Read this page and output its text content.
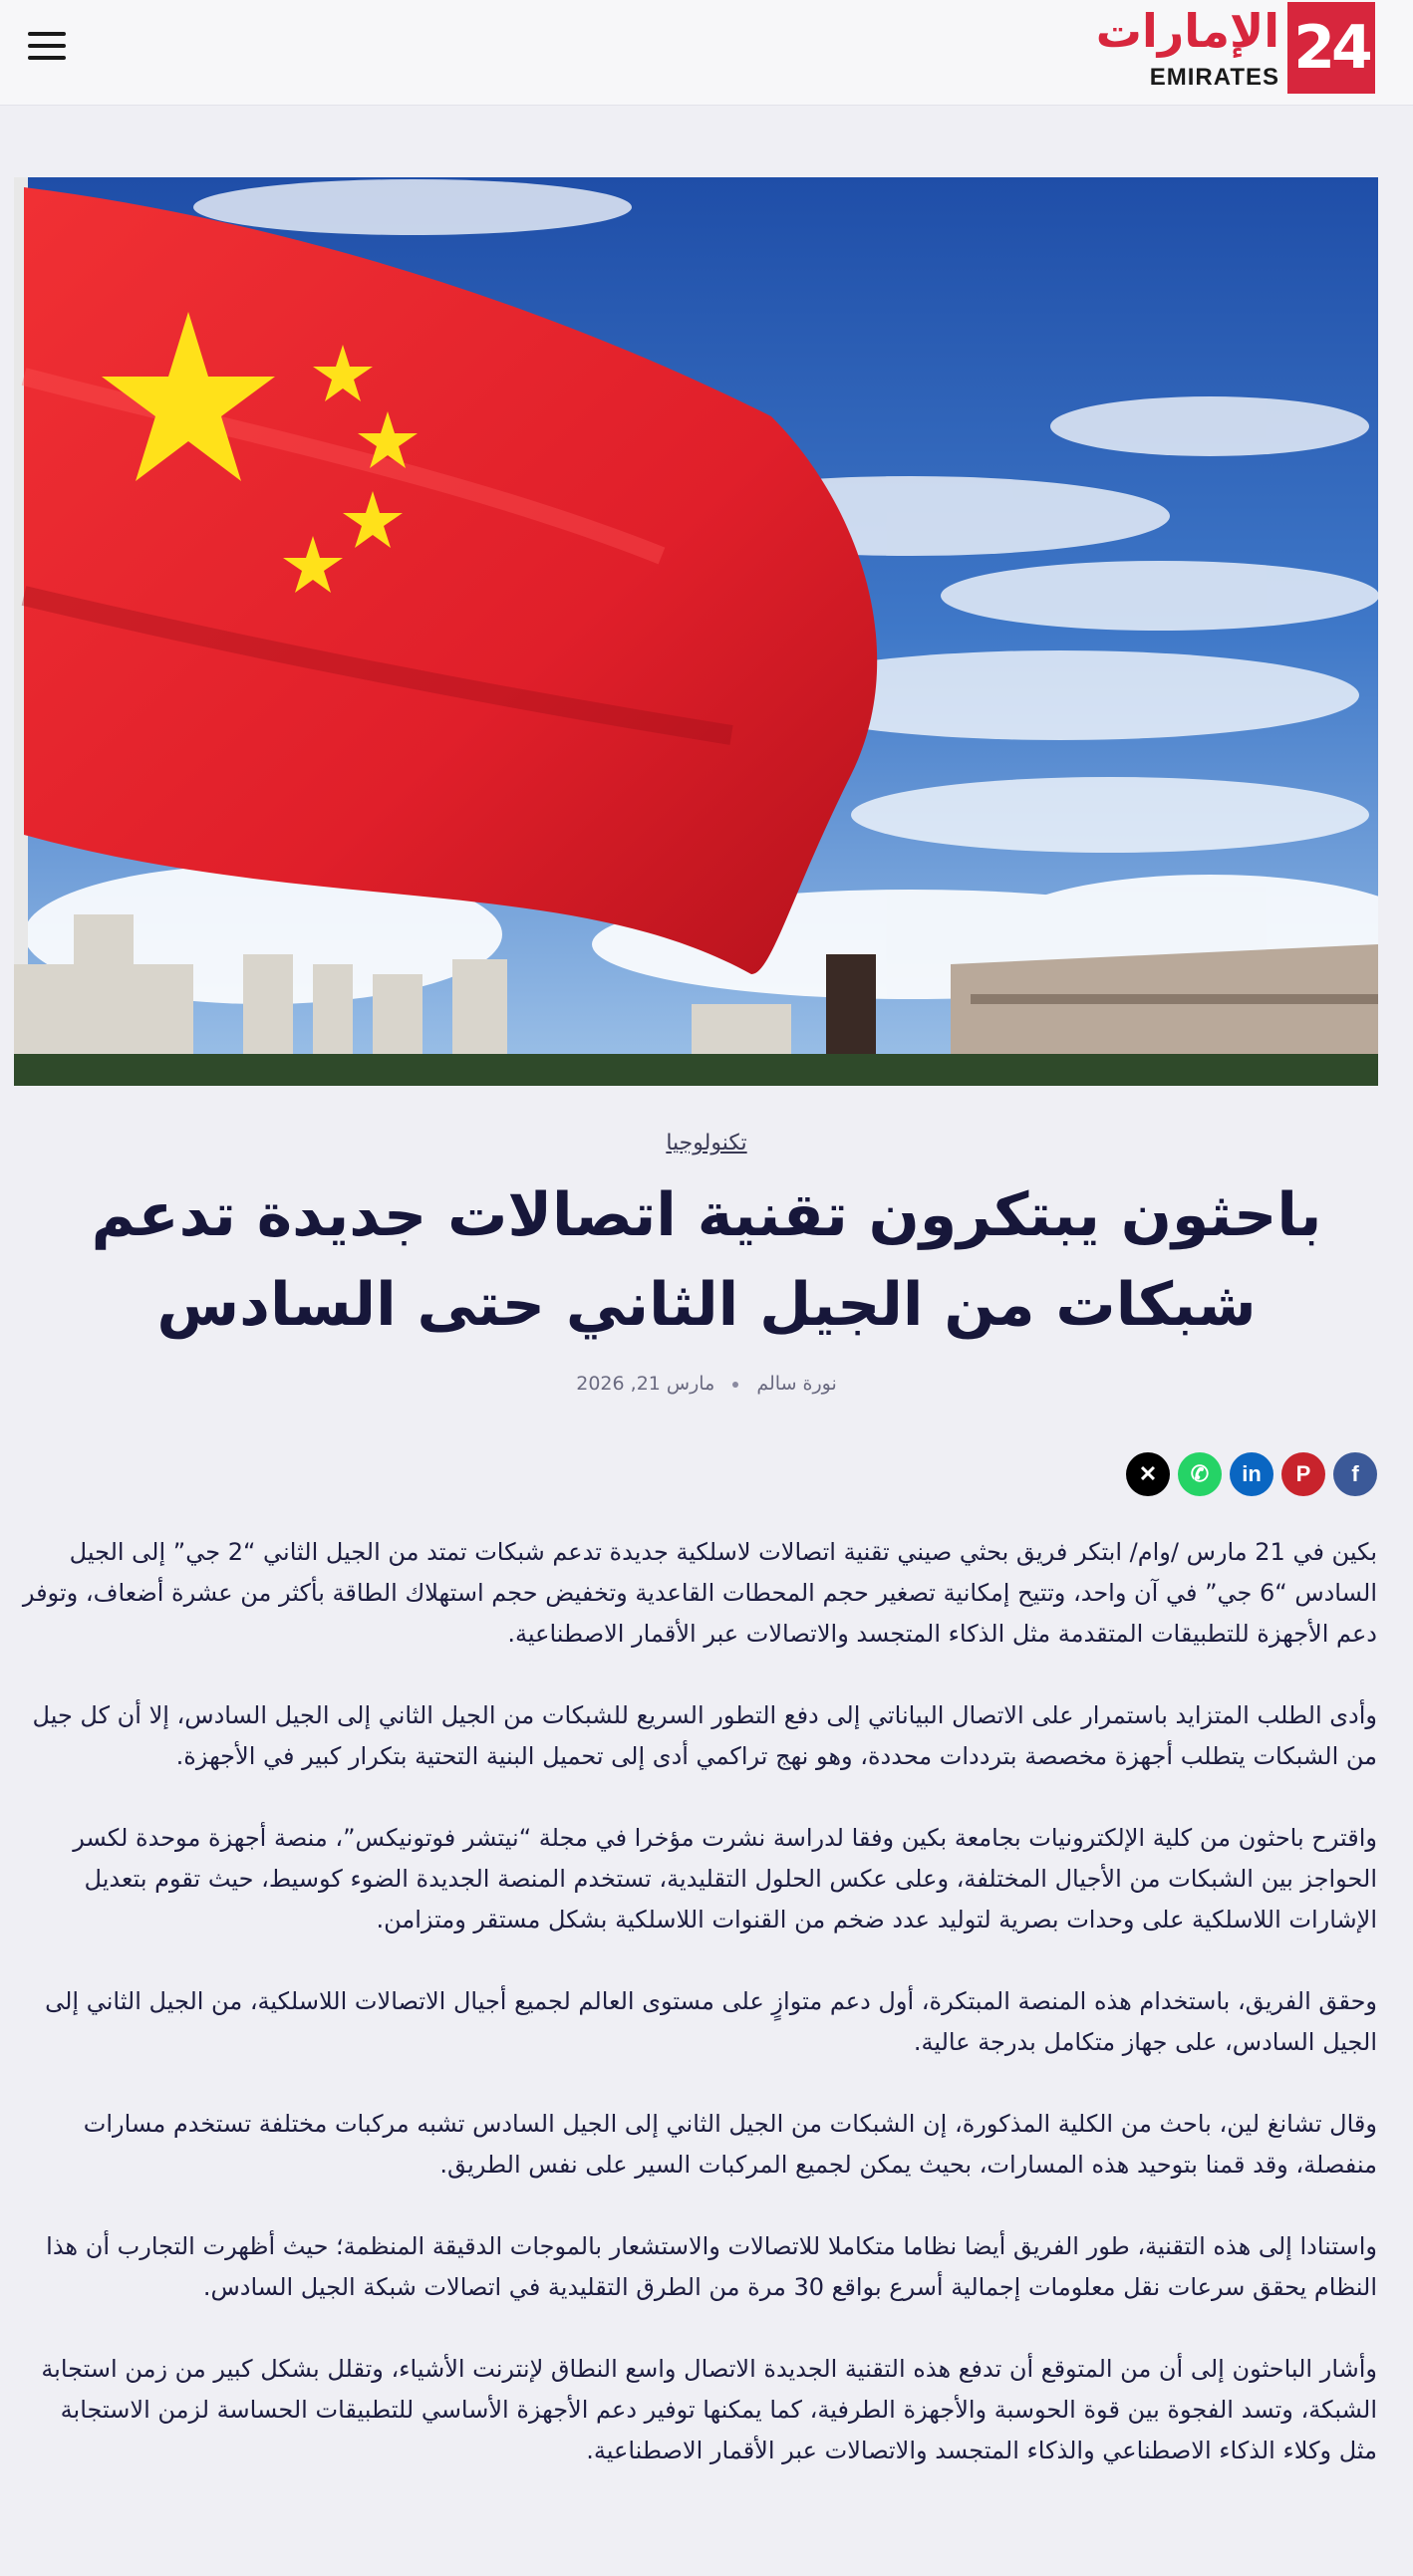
24
الإمارات
EMIRATES
تكنولوجيا
باحثون يبتكرون تقنية اتصالات جديدة تدعم شبكات من الجيل الثاني حتى السادس
نورة سالم  مارس 21, 2026
✕	✆	in	P	f

بكين في 21 مارس /وام/ ابتكر فريق بحثي صيني تقنية اتصالات لاسلكية جديدة تدعم شبكات تمتد من الجيل الثاني “2 جي” إلى الجيل السادس “6 جي” في آن واحد، وتتيح إمكانية تصغير حجم المحطات القاعدية وتخفيض حجم استهلاك الطاقة بأكثر من عشرة أضعاف، وتوفر دعم الأجهزة للتطبيقات المتقدمة مثل الذكاء المتجسد والاتصالات عبر الأقمار الاصطناعية.

وأدى الطلب المتزايد باستمرار على الاتصال البياناتي إلى دفع التطور السريع للشبكات من الجيل الثاني إلى الجيل السادس، إلا أن كل جيل من الشبكات يتطلب أجهزة مخصصة بترددات محددة، وهو نهج تراكمي أدى إلى تحميل البنية التحتية بتكرار كبير في الأجهزة.

واقترح باحثون من كلية الإلكترونيات بجامعة بكين وفقا لدراسة نشرت مؤخرا في مجلة “نيتشر فوتونيكس”، منصة أجهزة موحدة لكسر الحواجز بين الشبكات من الأجيال المختلفة، وعلى عكس الحلول التقليدية، تستخدم المنصة الجديدة الضوء كوسيط، حيث تقوم بتعديل الإشارات اللاسلكية على وحدات بصرية لتوليد عدد ضخم من القنوات اللاسلكية بشكل مستقر ومتزامن.

وحقق الفريق، باستخدام هذه المنصة المبتكرة، أول دعم متوازٍ على مستوى العالم لجميع أجيال الاتصالات اللاسلكية، من الجيل الثاني إلى الجيل السادس، على جهاز متكامل بدرجة عالية.

وقال تشانغ لين، باحث من الكلية المذكورة، إن الشبكات من الجيل الثاني إلى الجيل السادس تشبه مركبات مختلفة تستخدم مسارات منفصلة، وقد قمنا بتوحيد هذه المسارات، بحيث يمكن لجميع المركبات السير على نفس الطريق.

واستنادا إلى هذه التقنية، طور الفريق أيضا نظاما متكاملا للاتصالات والاستشعار بالموجات الدقيقة المنظمة؛ حيث أظهرت التجارب أن هذا النظام يحقق سرعات نقل معلومات إجمالية أسرع بواقع 30 مرة من الطرق التقليدية في اتصالات شبكة الجيل السادس.

وأشار الباحثون إلى أن من المتوقع أن تدفع هذه التقنية الجديدة الاتصال واسع النطاق لإنترنت الأشياء، وتقلل بشكل كبير من زمن استجابة الشبكة، وتسد الفجوة بين قوة الحوسبة والأجهزة الطرفية، كما يمكنها توفير دعم الأجهزة الأساسي للتطبيقات الحساسة لزمن الاستجابة مثل وكلاء الذكاء الاصطناعي والذكاء المتجسد والاتصالات عبر الأقمار الاصطناعية.
